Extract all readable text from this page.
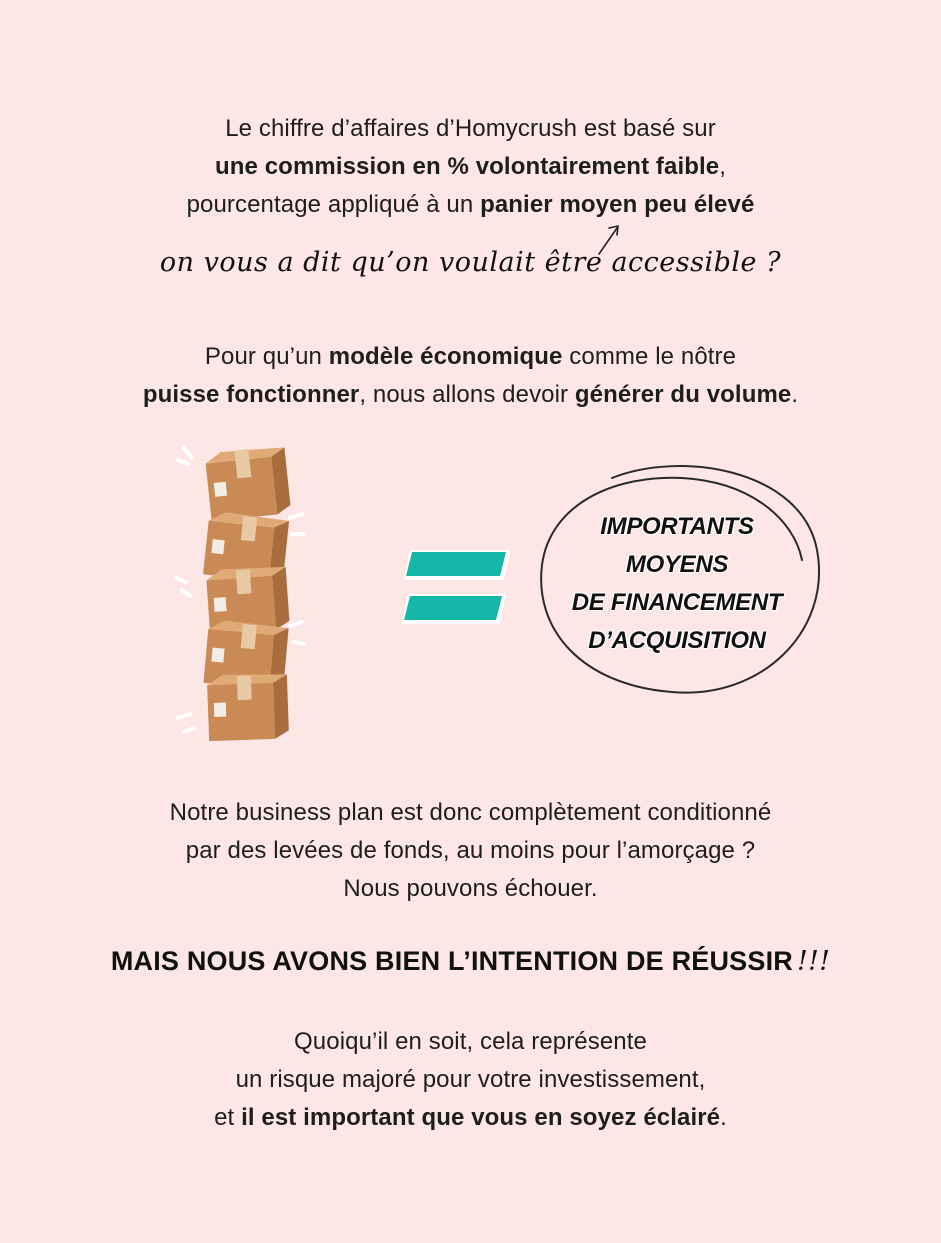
Le chiffre d’affaires d’Homycrush est basé sur
une commission en % volontairement faible,
pourcentage appliqué à un panier moyen peu élevé
on vous a dit qu’on voulait être accessible ?
Pour qu’un modèle économique comme le nôtre
puisse fonctionner, nous allons devoir générer du volume.
IMPORTANTS
MOYENS
DE FINANCEMENT
D’ACQUISITION
Notre business plan est donc complètement conditionné
par des levées de fonds, au moins pour l’amorçage ?
Nous pouvons échouer.
MAIS NOUS AVONS BIEN L’INTENTION DE RÉUSSIR !!!
Quoiqu’il en soit, cela représente
un risque majoré pour votre investissement,
et il est important que vous en soyez éclairé.
